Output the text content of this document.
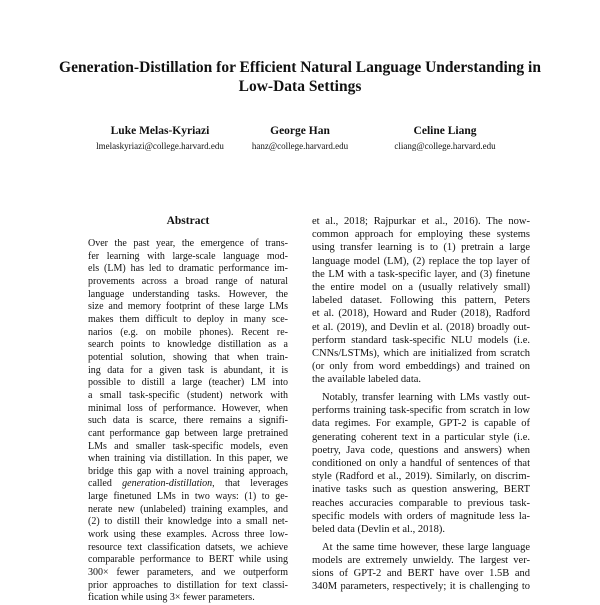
Generation-Distillation for Efficient Natural Language Understanding in
Low-Data Settings
Luke Melas-Kyriazi
lmelaskyriazi@college.harvard.edu
George Han
hanz@college.harvard.edu
Celine Liang
cliang@college.harvard.edu
Abstract
Over the past year, the emergence of trans-
fer learning with large-scale language mod-
els (LM) has led to dramatic performance im-
provements across a broad range of natural
language understanding tasks. However, the
size and memory footprint of these large LMs
makes them difficult to deploy in many sce-
narios (e.g. on mobile phones). Recent re-
search points to knowledge distillation as a
potential solution, showing that when train-
ing data for a given task is abundant, it is
possible to distill a large (teacher) LM into
a small task-specific (student) network with
minimal loss of performance. However, when
such data is scarce, there remains a signifi-
cant performance gap between large pretrained
LMs and smaller task-specific models, even
when training via distillation. In this paper, we
bridge this gap with a novel training approach,
called generation-distillation, that leverages
large finetuned LMs in two ways: (1) to ge-
nerate new (unlabeled) training examples, and
(2) to distill their knowledge into a small net-
work using these examples. Across three low-
resource text classification datsets, we achieve
comparable performance to BERT while using
300× fewer parameters, and we outperform
prior approaches to distillation for text classi-
fication while using 3× fewer parameters.
et al., 2018; Rajpurkar et al., 2016). The now-
common approach for employing these systems
using transfer learning is to (1) pretrain a large
language model (LM), (2) replace the top layer of
the LM with a task-specific layer, and (3) finetune
the entire model on a (usually relatively small)
labeled dataset. Following this pattern, Peters
et al. (2018), Howard and Ruder (2018), Radford
et al. (2019), and Devlin et al. (2018) broadly out-
perform standard task-specific NLU models (i.e.
CNNs/LSTMs), which are initialized from scratch
(or only from word embeddings) and trained on
the available labeled data.
Notably, transfer learning with LMs vastly out-
performs training task-specific from scratch in low
data regimes. For example, GPT-2 is capable of
generating coherent text in a particular style (i.e.
poetry, Java code, questions and answers) when
conditioned on only a handful of sentences of that
style (Radford et al., 2019). Similarly, on discrim-
inative tasks such as question answering, BERT
reaches accuracies comparable to previous task-
specific models with orders of magnitude less la-
beled data (Devlin et al., 2018).
At the same time however, these large language
models are extremely unwieldy. The largest ver-
sions of GPT-2 and BERT have over 1.5B and
340M parameters, respectively; it is challenging to
